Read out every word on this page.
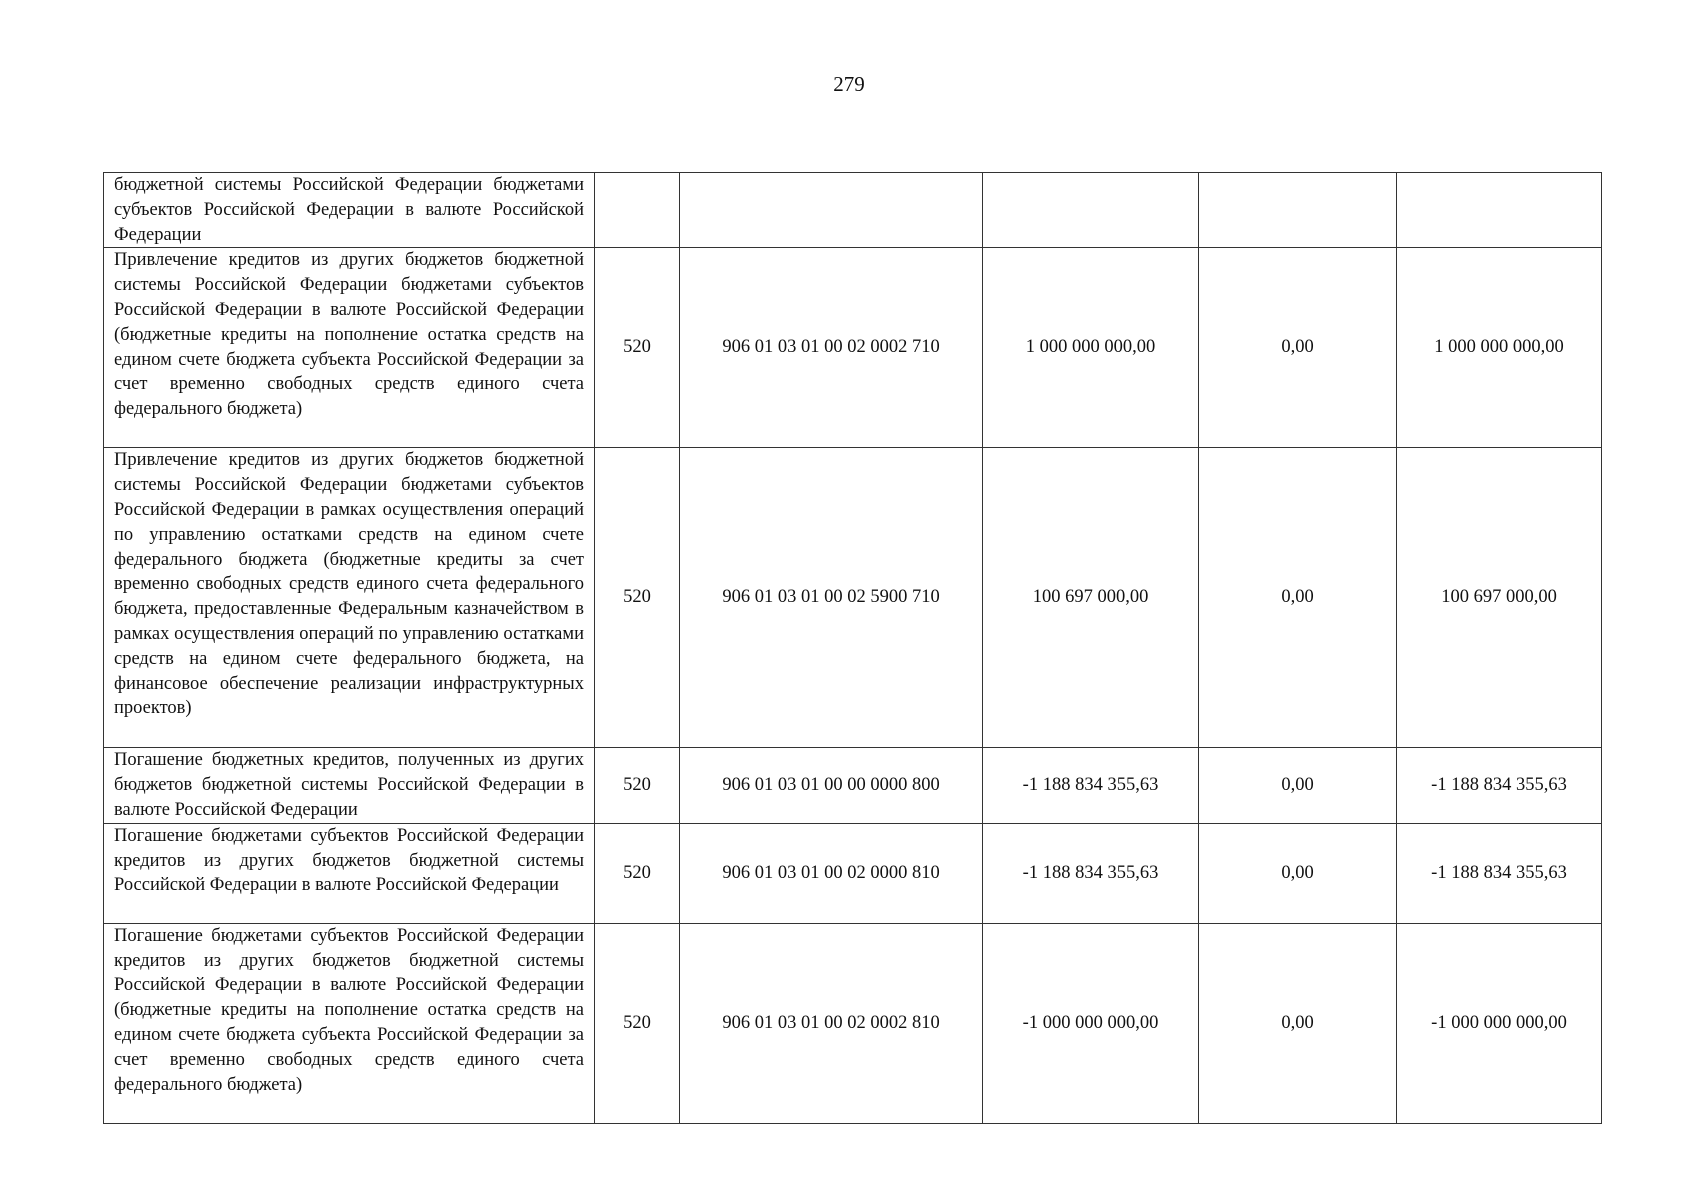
279
бюджетной системы Российской Федерации бюджетами субъектов Российской Федерации в валюте Российской Федерации					
Привлечение кредитов из других бюджетов бюджетной системы Российской Федерации бюджетами субъектов Российской Федерации в валюте Российской Федерации (бюджетные кредиты на пополнение остатка средств на едином счете бюджета субъекта Российской Федерации за счет временно свободных средств единого счета федерального бюджета)	520	906 01 03 01 00 02 0002 710	1 000 000 000,00	0,00	1 000 000 000,00
Привлечение кредитов из других бюджетов бюджетной системы Российской Федерации бюджетами субъектов Российской Федерации в рамках осуществления операций по управлению остатками средств на едином счете федерального бюджета (бюджетные кредиты за счет временно свободных средств единого счета федерального бюджета, предоставленные Федеральным казначейством в рамках осуществления операций по управлению остатками средств на едином счете федерального бюджета, на финансовое обеспечение реализации инфраструктурных проектов)	520	906 01 03 01 00 02 5900 710	100 697 000,00	0,00	100 697 000,00
Погашение бюджетных кредитов, полученных из других бюджетов бюджетной системы Российской Федерации в валюте Российской Федерации	520	906 01 03 01 00 00 0000 800	-1 188 834 355,63	0,00	-1 188 834 355,63
Погашение бюджетами субъектов Российской Федерации кредитов из других бюджетов бюджетной системы Российской Федерации в валюте Российской Федерации	520	906 01 03 01 00 02 0000 810	-1 188 834 355,63	0,00	-1 188 834 355,63
Погашение бюджетами субъектов Российской Федерации кредитов из других бюджетов бюджетной системы Российской Федерации в валюте Российской Федерации (бюджетные кредиты на пополнение остатка средств на едином счете бюджета субъекта Российской Федерации за счет временно свободных средств единого счета федерального бюджета)	520	906 01 03 01 00 02 0002 810	-1 000 000 000,00	0,00	-1 000 000 000,00
